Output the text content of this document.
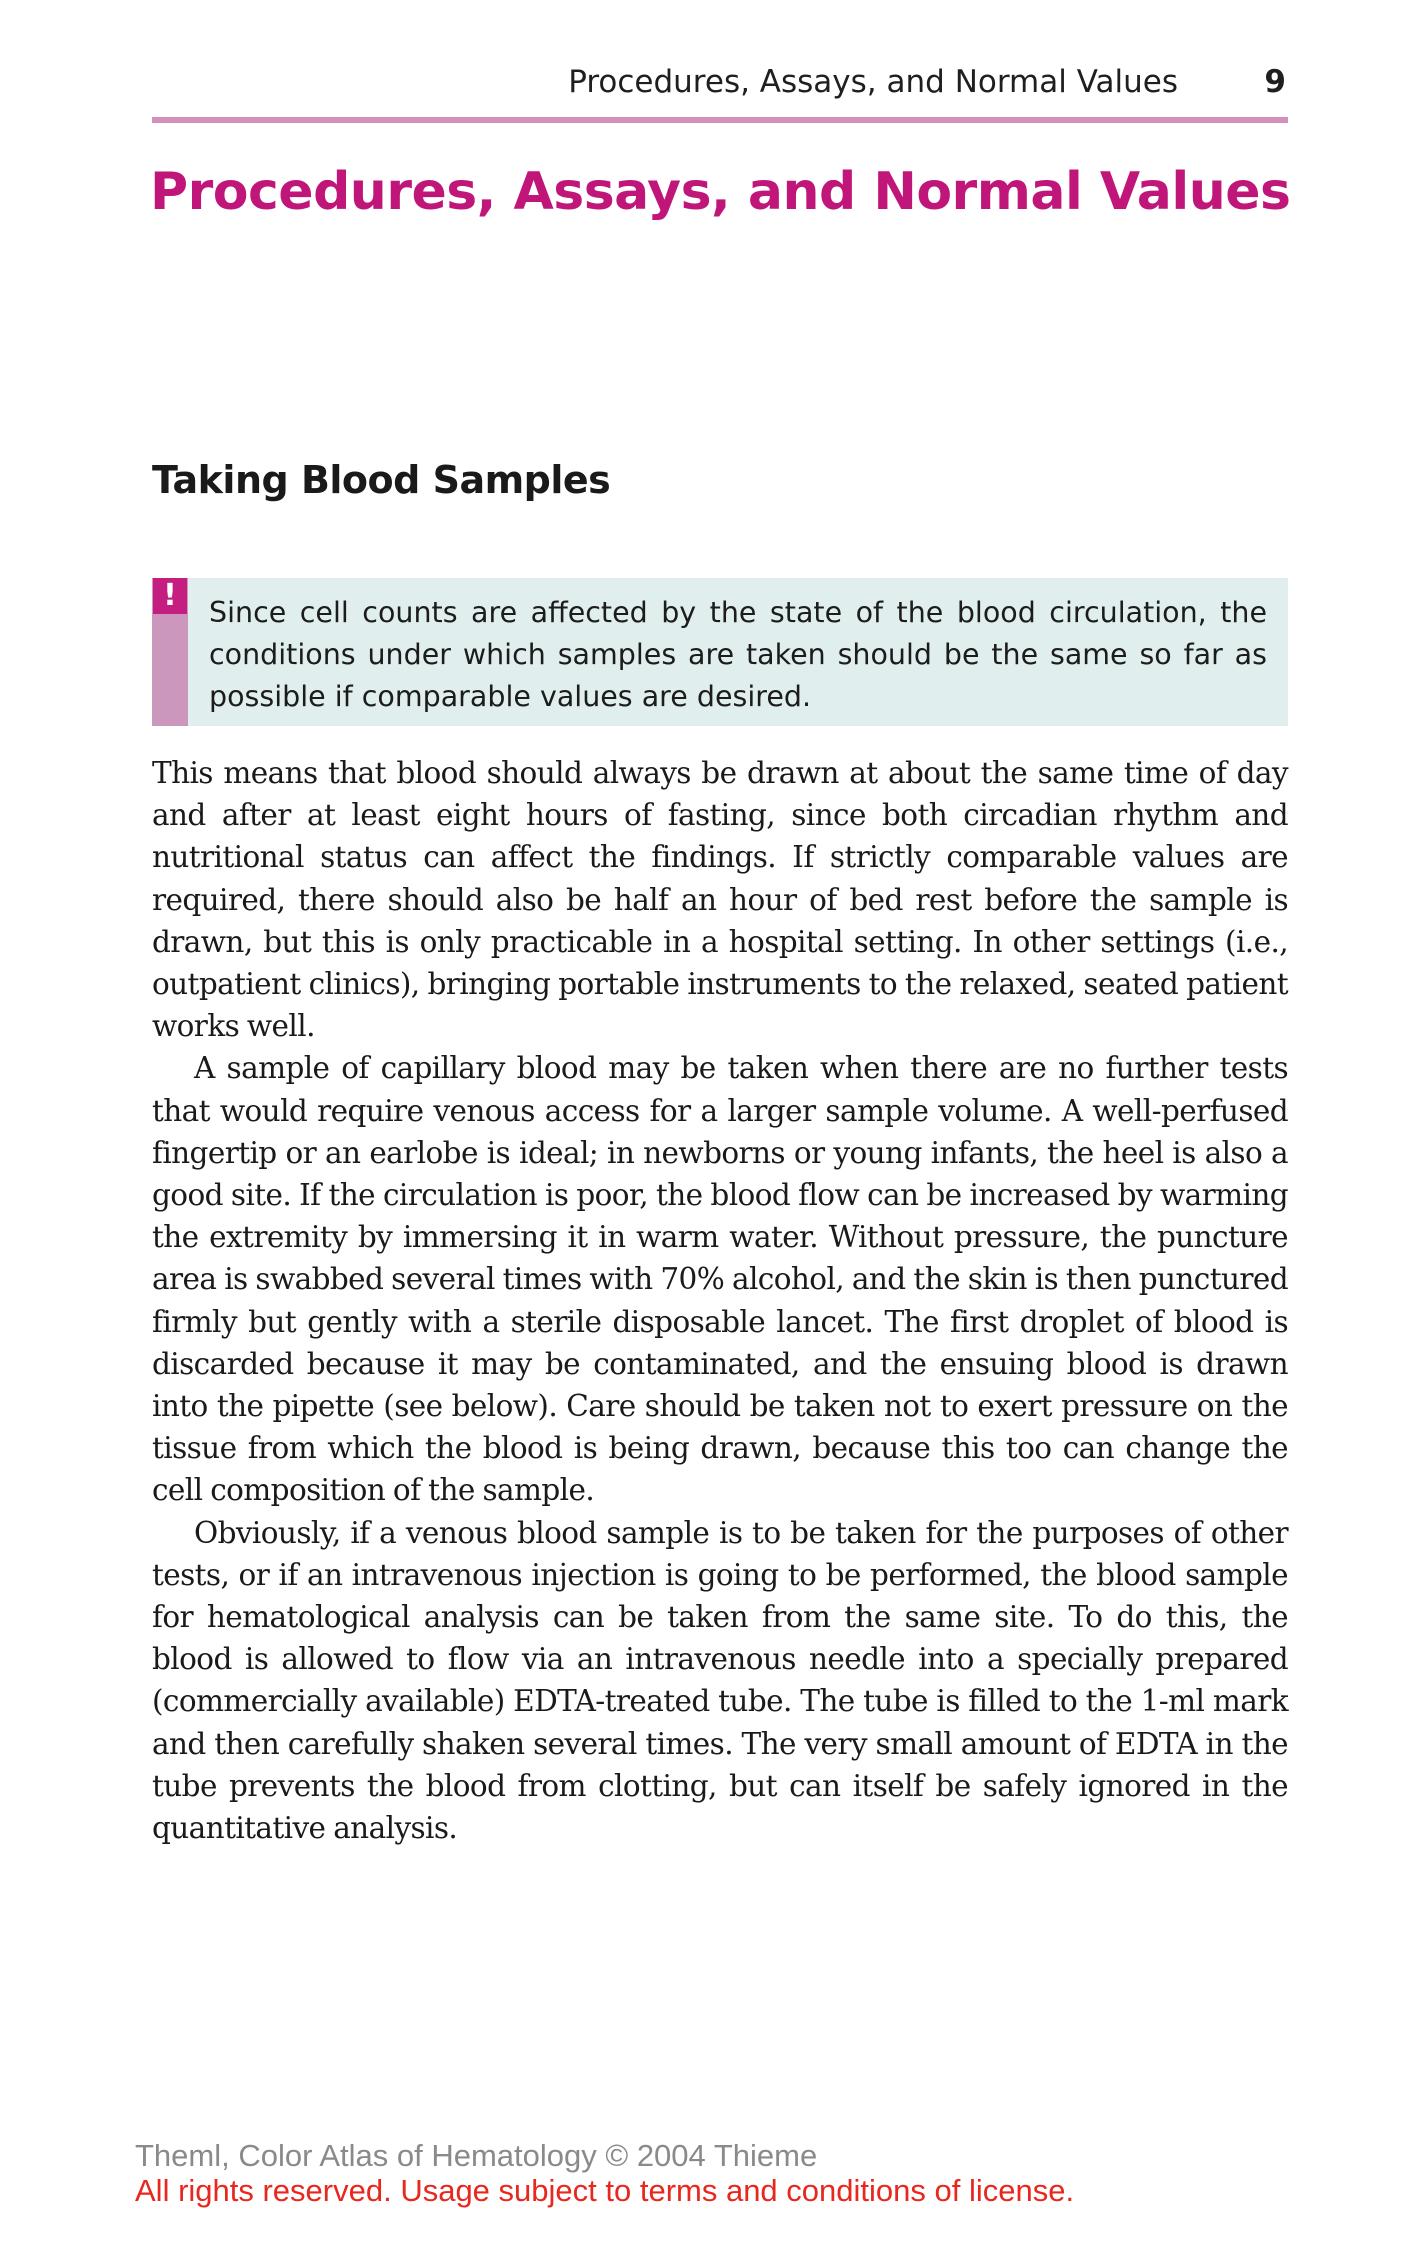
Procedures, Assays, and Normal Values	9
Procedures, Assays, and Normal Values
Taking Blood Samples
!	Since cell counts are affected by the state of the blood circulation, the conditions under which samples are taken should be the same so far as possible if comparable values are desired.

This means that blood should always be drawn at about the same time of day and after at least eight hours of fasting, since both circadian rhythm and nutritional status can affect the findings. If strictly comparable values are required, there should also be half an hour of bed rest before the sample is drawn, but this is only practicable in a hospital setting. In other settings (i.e., outpatient clinics), bringing portable instruments to the relaxed, seated patient works well.

A sample of capillary blood may be taken when there are no further tests that would require venous access for a larger sample volume. A well-perfused fingertip or an earlobe is ideal; in newborns or young infants, the heel is also a good site. If the circulation is poor, the blood flow can be increased by warming the extremity by immersing it in warm water. Without pressure, the puncture area is swabbed several times with 70% alcohol, and the skin is then punctured firmly but gently with a sterile disposable lancet. The first droplet of blood is discarded because it may be contaminated, and the ensuing blood is drawn into the pipette (see below). Care should be taken not to exert pressure on the tissue from which the blood is being drawn, because this too can change the cell composition of the sample.

Obviously, if a venous blood sample is to be taken for the purposes of other tests, or if an intravenous injection is going to be performed, the blood sample for hematological analysis can be taken from the same site. To do this, the blood is allowed to flow via an intravenous needle into a specially prepared (commercially available) EDTA-treated tube. The tube is filled to the 1-ml mark and then carefully shaken several times. The very small amount of EDTA in the tube prevents the blood from clotting, but can itself be safely ignored in the quantitative analysis.

Theml, Color Atlas of Hematology © 2004 Thieme
All rights reserved. Usage subject to terms and conditions of license.
